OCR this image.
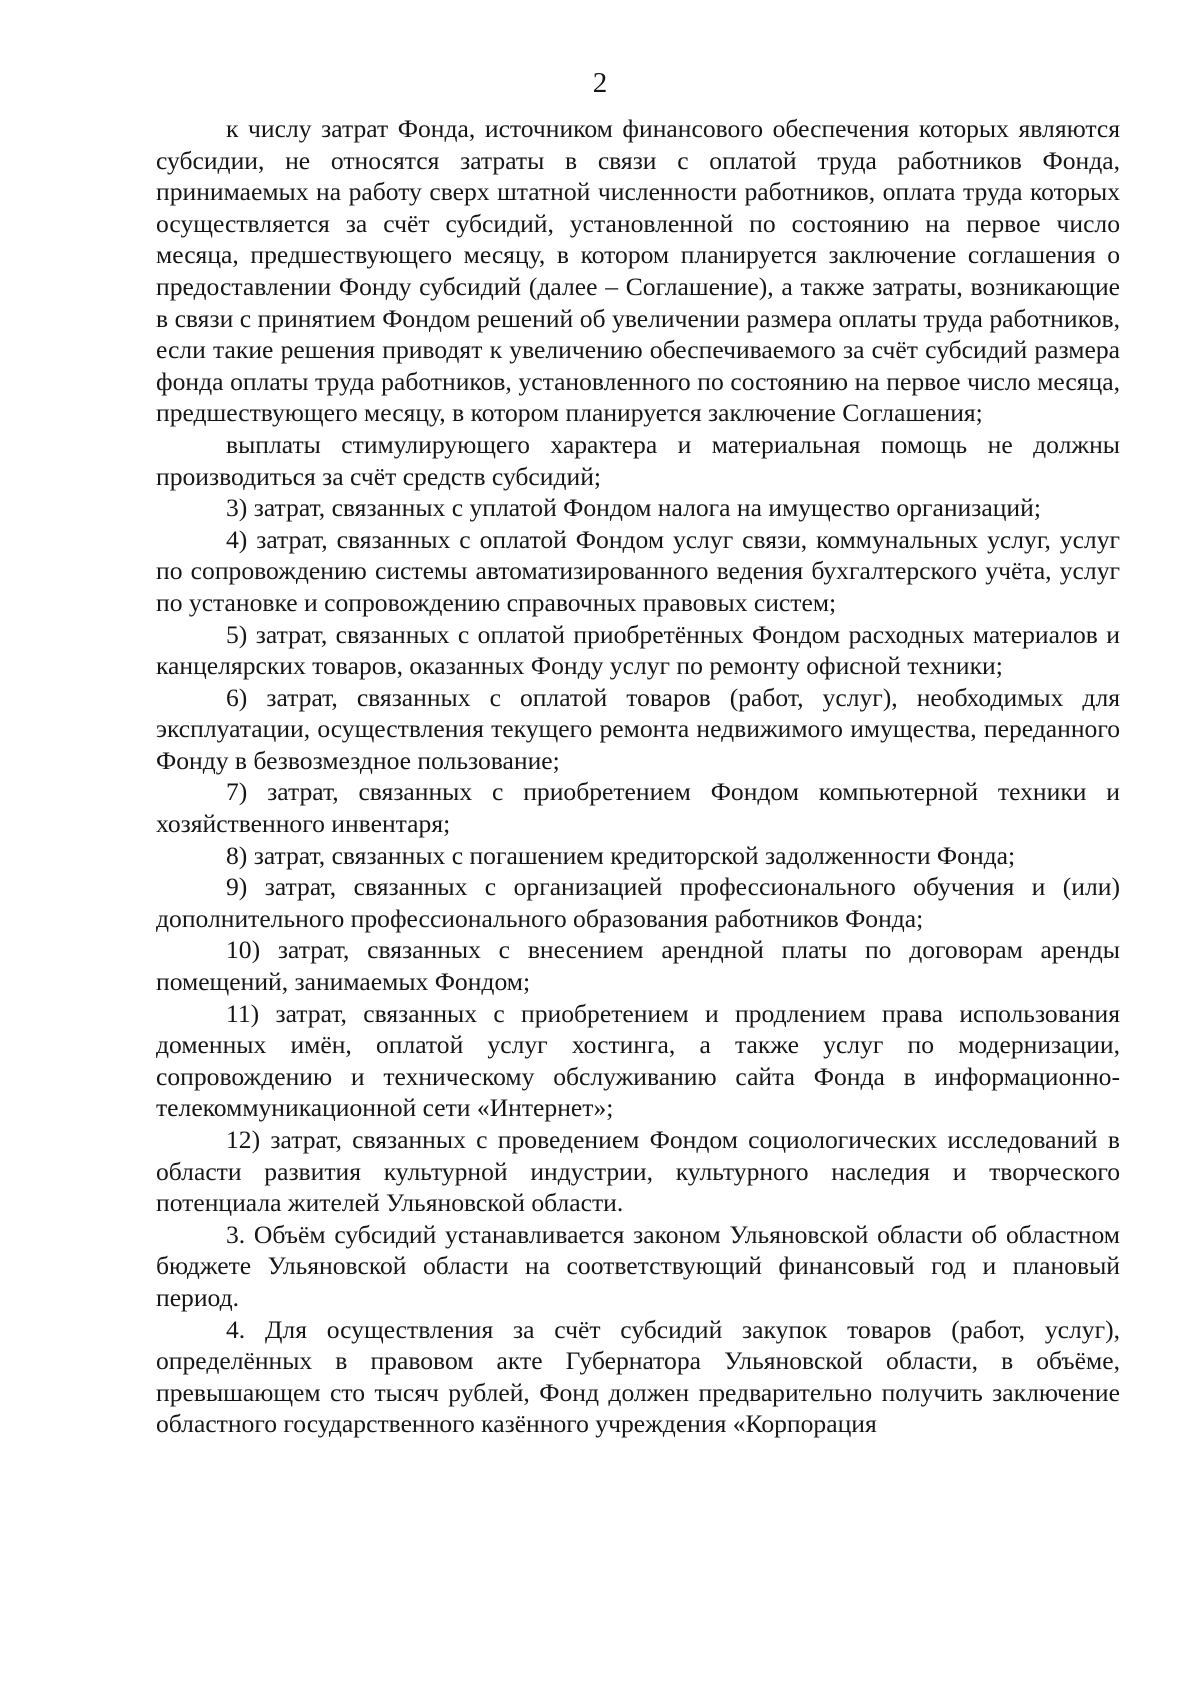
2

к числу затрат Фонда, источником финансового обеспечения которых являются субсидии, не относятся затраты в связи с оплатой труда работников Фонда, принимаемых на работу сверх штатной численности работников, оплата труда которых осуществляется за счёт субсидий, установленной по состоянию на первое число месяца, предшествующего месяцу, в котором планируется заключение соглашения о предоставлении Фонду субсидий (далее – Соглашение), а также затраты, возникающие в связи с принятием Фондом решений об увеличении размера оплаты труда работников, если такие решения приводят к увеличению обеспечиваемого за счёт субсидий размера фонда оплаты труда работников, установленного по состоянию на первое число месяца, предшествующего месяцу, в котором планируется заключение Соглашения;

выплаты стимулирующего характера и материальная помощь не должны производиться за счёт средств субсидий;

3) затрат, связанных с уплатой Фондом налога на имущество организаций;

4) затрат, связанных с оплатой Фондом услуг связи, коммунальных услуг, услуг по сопровождению системы автоматизированного ведения бухгалтерского учёта, услуг по установке и сопровождению справочных правовых систем;

5) затрат, связанных с оплатой приобретённых Фондом расходных материалов и канцелярских товаров, оказанных Фонду услуг по ремонту офисной техники;

6) затрат, связанных с оплатой товаров (работ, услуг), необходимых для эксплуатации, осуществления текущего ремонта недвижимого имущества, переданного Фонду в безвозмездное пользование;

7) затрат, связанных с приобретением Фондом компьютерной техники и хозяйственного инвентаря;

8) затрат, связанных с погашением кредиторской задолженности Фонда;

9) затрат, связанных с организацией профессионального обучения и (или) дополнительного профессионального образования работников Фонда;

10) затрат, связанных с внесением арендной платы по договорам аренды помещений, занимаемых Фондом;

11) затрат, связанных с приобретением и продлением права использования доменных имён, оплатой услуг хостинга, а также услуг по модернизации, сопровождению и техническому обслуживанию сайта Фонда в информационно-телекоммуникационной сети «Интернет»;

12) затрат, связанных с проведением Фондом социологических исследований в области развития культурной индустрии, культурного наследия и творческого потенциала жителей Ульяновской области.

3. Объём субсидий устанавливается законом Ульяновской области об областном бюджете Ульяновской области на соответствующий финансовый год и плановый период.

4. Для осуществления за счёт субсидий закупок товаров (работ, услуг), определённых в правовом акте Губернатора Ульяновской области, в объёме, превышающем сто тысяч рублей, Фонд должен предварительно получить заключение областного государственного казённого учреждения «Корпорация
